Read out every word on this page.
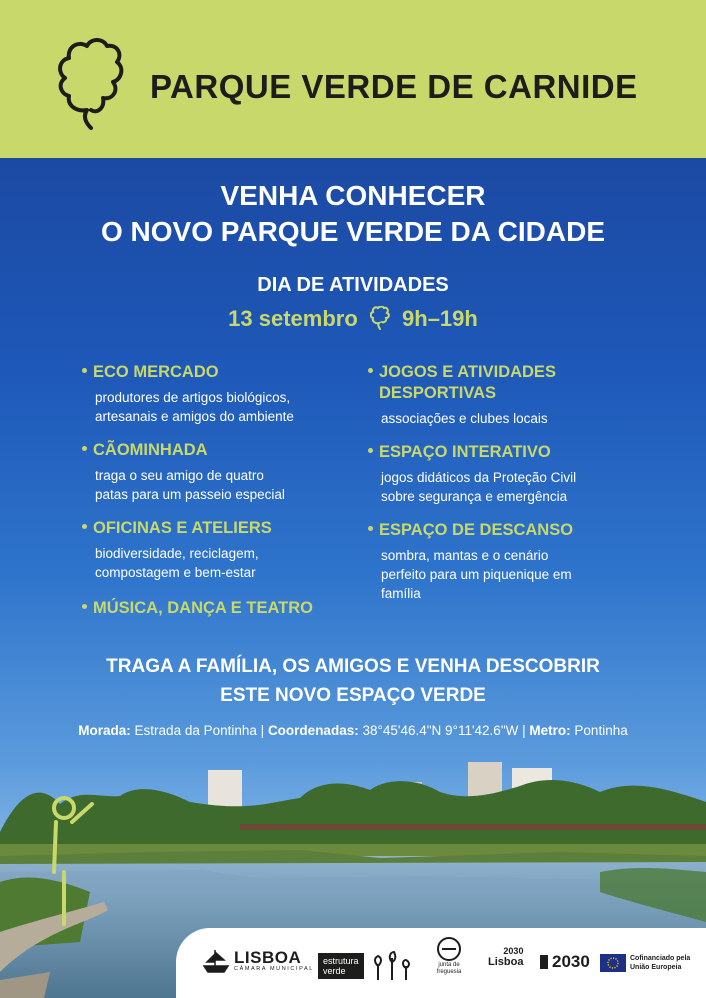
PARQUE VERDE DE CARNIDE
VENHA CONHECER
O NOVO PARQUE VERDE DA CIDADE
DIA DE ATIVIDADES
13 setembro 9h–19h
ECO MERCADO
produtores de artigos biológicos,
artesanais e amigos do ambiente
CÃOMINHADA
traga o seu amigo de quatro
patas para um passeio especial
OFICINAS E ATELIERS
biodiversidade, reciclagem,
compostagem e bem-estar
MÚSICA, DANÇA E TEATRO
JOGOS E ATIVIDADES
DESPORTIVAS
associações e clubes locais
ESPAÇO INTERATIVO
jogos didáticos da Proteção Civil
sobre segurança e emergência
ESPAÇO DE DESCANSO
sombra, mantas e o cenário
perfeito para um piquenique em
família
TRAGA A FAMÍLIA, OS AMIGOS E VENHA DESCOBRIR
ESTE NOVO ESPAÇO VERDE
Morada: Estrada da Pontinha | Coordenadas: 38°45'46.4"N 9°11'42.6"W | Metro: Pontinha
LISBOA
CÂMARA MUNICIPAL
estrutura
verde
junta de
freguesia
2030
Lisboa 2030	Cofinanciado pela
União Europeia
